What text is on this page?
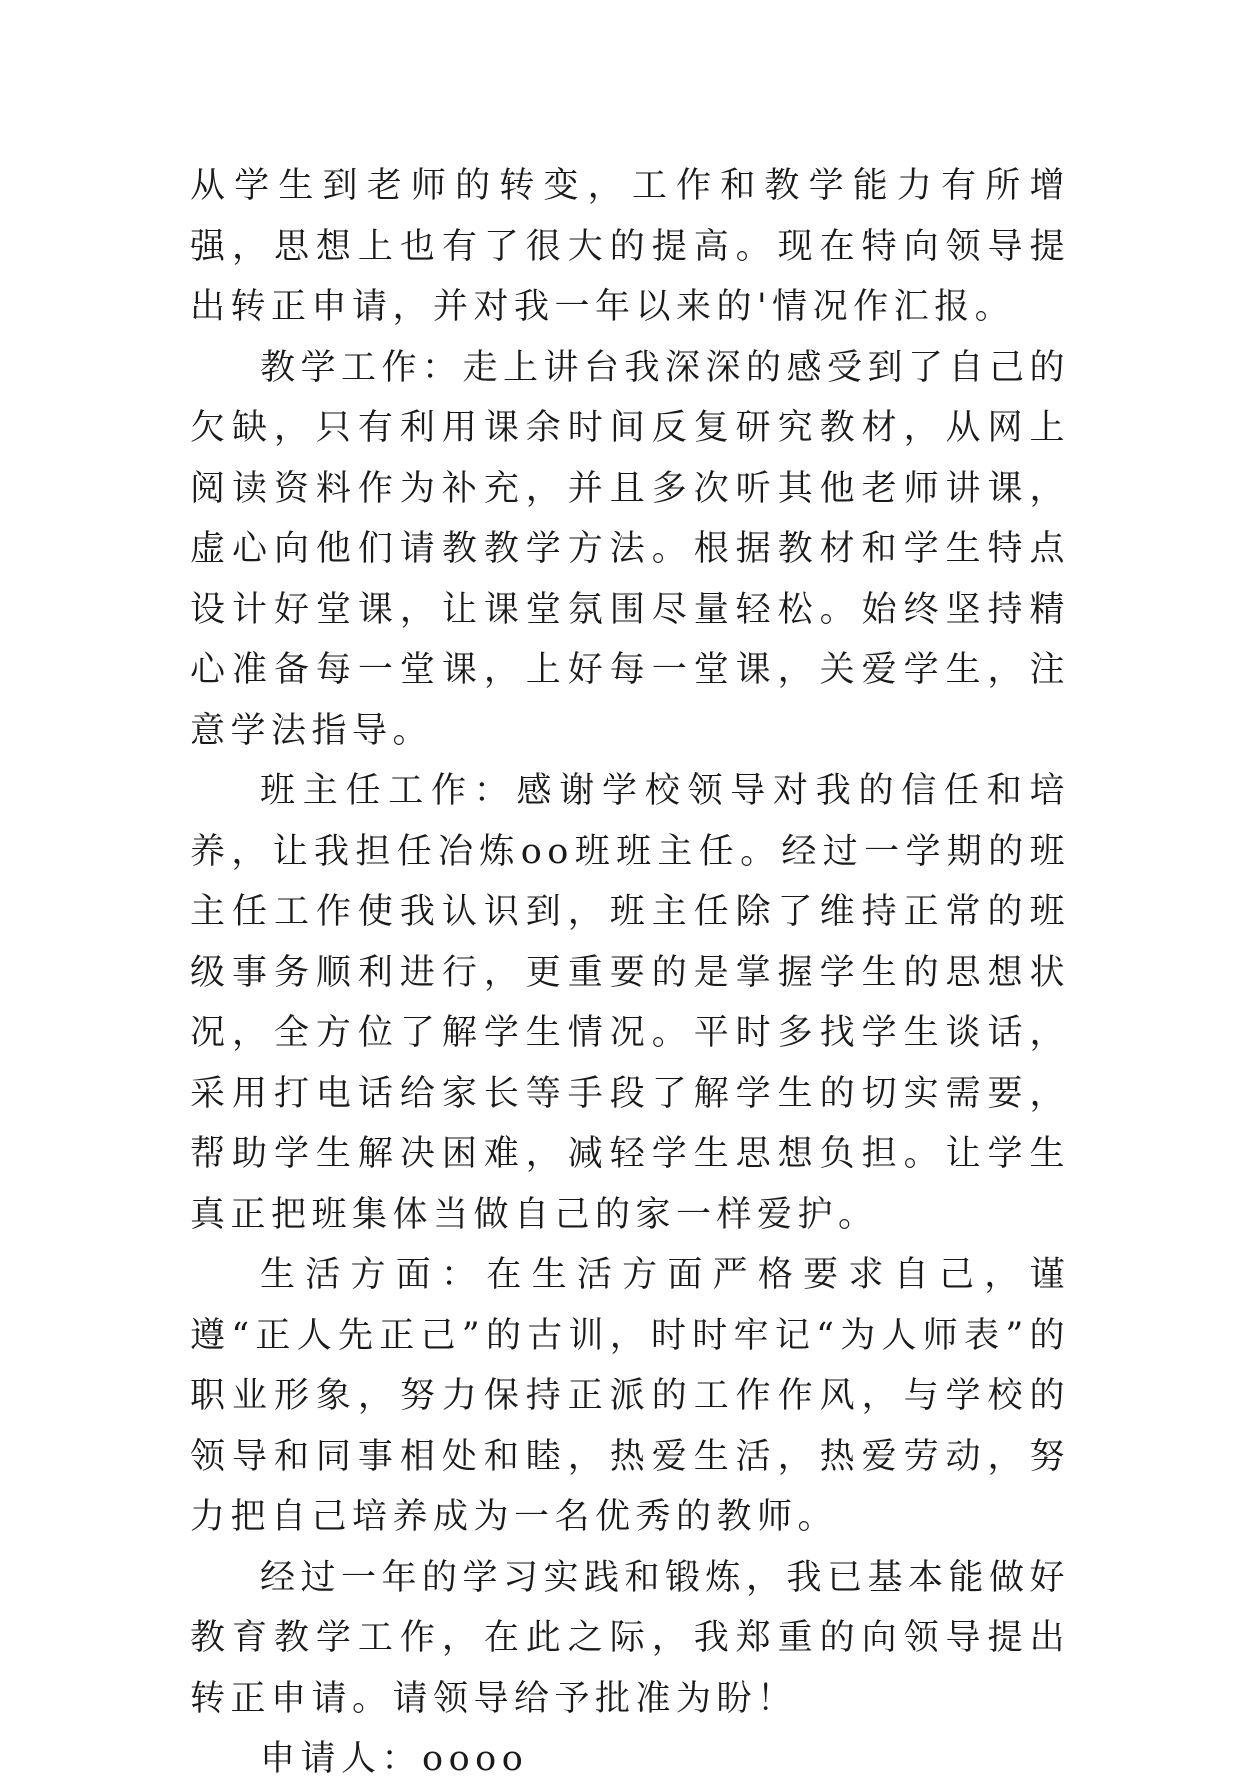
从学生到老师的转变，工作和教学能力有所增强，思想上也有了很大的提高。现在特向领导提出转正申请，并对我一年以来的'情况作汇报。

教学工作：走上讲台我深深的感受到了自己的欠缺，只有利用课余时间反复研究教材，从网上阅读资料作为补充，并且多次听其他老师讲课，虚心向他们请教教学方法。根据教材和学生特点设计好堂课，让课堂氛围尽量轻松。始终坚持精心准备每一堂课，上好每一堂课，关爱学生，注意学法指导。

班主任工作：感谢学校领导对我的信任和培养，让我担任冶炼oo班班主任。经过一学期的班主任工作使我认识到，班主任除了维持正常的班级事务顺利进行，更重要的是掌握学生的思想状况，全方位了解学生情况。平时多找学生谈话，采用打电话给家长等手段了解学生的切实需要，帮助学生解决困难，减轻学生思想负担。让学生真正把班集体当做自己的家一样爱护。

生活方面：在生活方面严格要求自己，谨遵“正人先正己”的古训，时时牢记“为人师表”的职业形象，努力保持正派的工作作风，与学校的领导和同事相处和睦，热爱生活，热爱劳动，努力把自己培养成为一名优秀的教师。

经过一年的学习实践和锻炼，我已基本能做好教育教学工作，在此之际，我郑重的向领导提出转正申请。请领导给予批准为盼！

申请人：oooo
